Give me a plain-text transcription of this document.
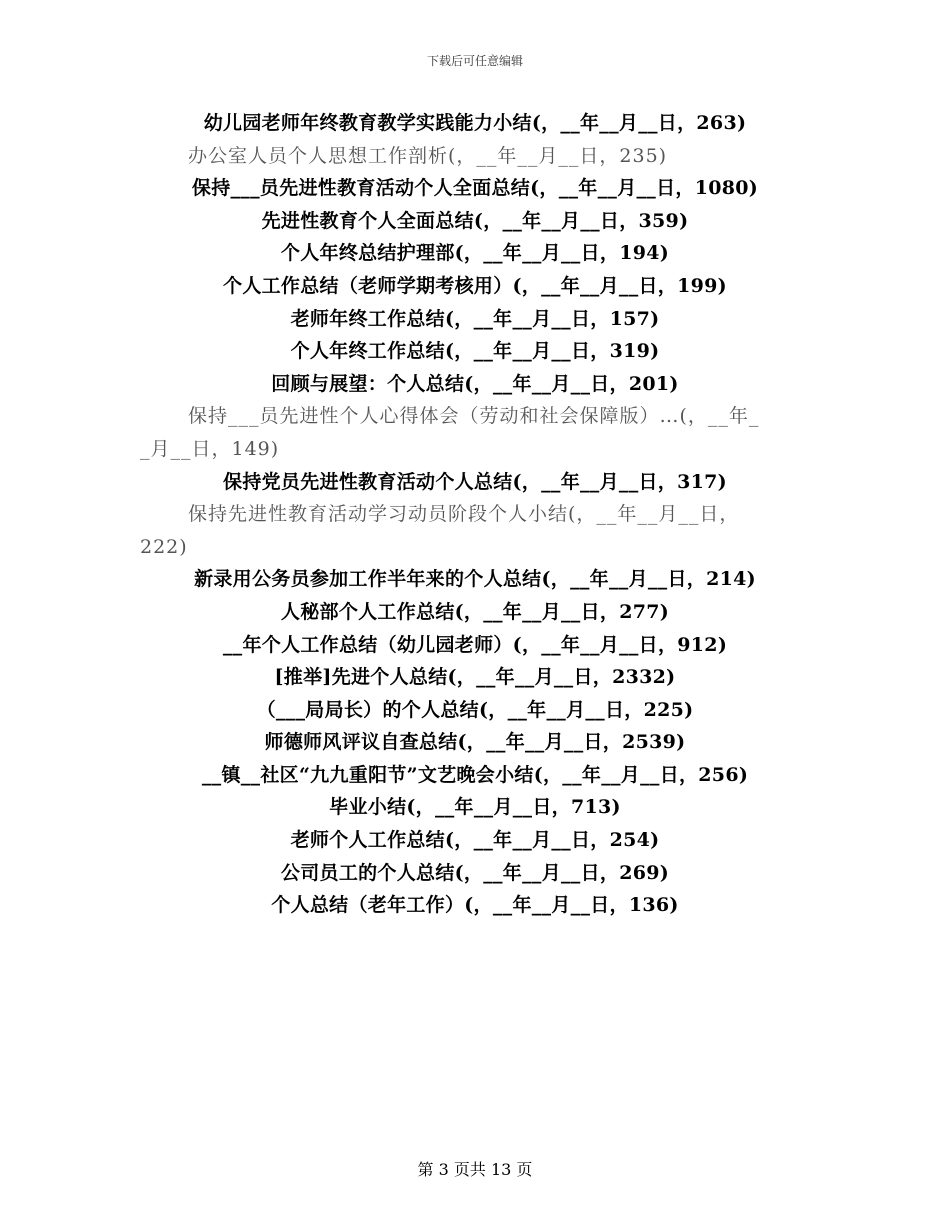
下载后可任意编辑
幼儿园老师年终教育教学实践能力小结(，__年__月__日，263)
办公室人员个人思想工作剖析(，__年__月__日，235)
保持___员先进性教育活动个人全面总结(，__年__月__日，1080)
先进性教育个人全面总结(，__年__月__日，359)
个人年终总结护理部(，__年__月__日，194)
个人工作总结（老师学期考核用）(，__年__月__日，199)
老师年终工作总结(，__年__月__日，157)
个人年终工作总结(，__年__月__日，319)
回顾与展望：个人总结(，__年__月__日，201)
保持___员先进性个人心得体会（劳动和社会保障版）…(，__年_
_月__日，149)
保持党员先进性教育活动个人总结(，__年__月__日，317)
保持先进性教育活动学习动员阶段个人小结(，__年__月__日，
222)
新录用公务员参加工作半年来的个人总结(，__年__月__日，214)
人秘部个人工作总结(，__年__月__日，277)
__年个人工作总结（幼儿园老师）(，__年__月__日，912)
[推举]先进个人总结(，__年__月__日，2332)
（___局局长）的个人总结(，__年__月__日，225)
师德师风评议自查总结(，__年__月__日，2539)
__镇__社区“九九重阳节”文艺晚会小结(，__年__月__日，256)
毕业小结(，__年__月__日，713)
老师个人工作总结(，__年__月__日，254)
公司员工的个人总结(，__年__月__日，269)
个人总结（老年工作）(，__年__月__日，136)
第 3 页共 13 页
